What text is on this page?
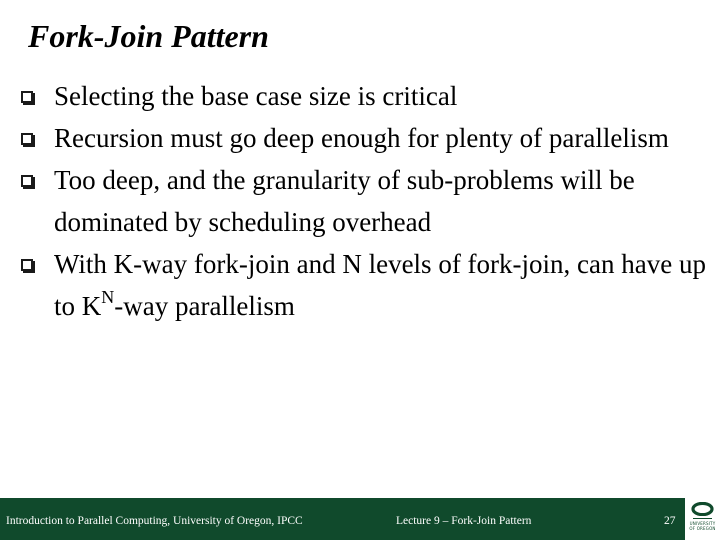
Fork-Join Pattern
Selecting the base case size is critical
Recursion must go deep enough for plenty of parallelism
Too deep, and the granularity of sub-problems will be dominated by scheduling overhead
With K-way fork-join and N levels of fork-join, can have up to $K^N$-way parallelism
Introduction to Parallel Computing, University of Oregon, IPCC	Lecture 9 – Fork-Join Pattern	27	UNIVERSITY
OF OREGON
